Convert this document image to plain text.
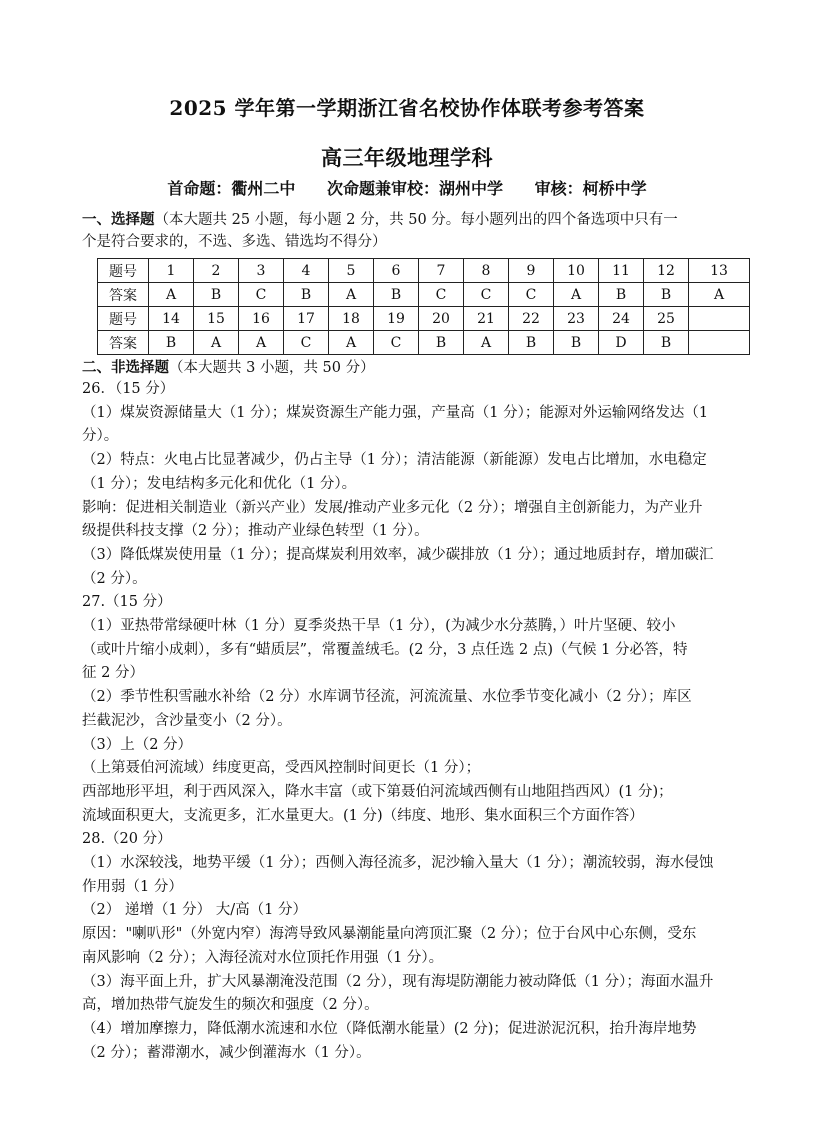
2025 学年第一学期浙江省名校协作体联考参考答案
高三年级地理学科
首命题：衢州二中 次命题兼审校：湖州中学 审核：柯桥中学
一、选择题（本大题共 25 小题，每小题 2 分，共 50 分。每小题列出的四个备选项中只有一
个是符合要求的，不选、多选、错选均不得分）
题号	1	2	3	4	5	6	7	8	9	10	11	12	13
答案	A	B	C	B	A	B	C	C	C	A	B	B	A
题号	14	15	16	17	18	19	20	21	22	23	24	25	
答案	B	A	A	C	A	C	B	A	B	B	D	B	
二、非选择题（本大题共 3 小题，共 50 分）
26．（15 分）
（1）煤炭资源储量大（1 分）；煤炭资源生产能力强，产量高（1 分）；能源对外运输网络发达（1
分）。
（2）特点：火电占比显著减少，仍占主导（1 分）；清洁能源（新能源）发电占比增加，水电稳定
（1 分）；发电结构多元化和优化（1 分）。
影响：促进相关制造业（新兴产业）发展/推动产业多元化（2 分）；增强自主创新能力，为产业升
级提供科技支撑（2 分）；推动产业绿色转型（1 分）。
（3）降低煤炭使用量（1 分）；提高煤炭利用效率，减少碳排放（1 分）；通过地质封存，增加碳汇
（2 分）。
27.（15 分）
（1）亚热带常绿硬叶林（1 分）夏季炎热干旱（1 分），(为减少水分蒸腾，）叶片坚硬、较小
（或叶片缩小成刺），多有“蜡质层”，常覆盖绒毛。(2 分，3 点任选 2 点)（气候 1 分必答，特
征 2 分）
（2）季节性积雪融水补给（2 分）水库调节径流，河流流量、水位季节变化减小（2 分）；库区
拦截泥沙，含沙量变小（2 分）。
（3）上（2 分）
（上第聂伯河流域）纬度更高，受西风控制时间更长（1 分）；
西部地形平坦，利于西风深入，降水丰富（或下第聂伯河流域西侧有山地阻挡西风）(1 分)；
流域面积更大，支流更多，汇水量更大。(1 分)（纬度、地形、集水面积三个方面作答）
28.（20 分）
（1）水深较浅，地势平缓（1 分）；西侧入海径流多，泥沙输入量大（1 分）；潮流较弱，海水侵蚀
作用弱（1 分）
（2） 递增（1 分） 大/高（1 分）
原因："喇叭形"（外宽内窄）海湾导致风暴潮能量向湾顶汇聚（2 分）；位于台风中心东侧，受东
南风影响（2 分）；入海径流对水位顶托作用强（1 分）。
（3）海平面上升，扩大风暴潮淹没范围（2 分），现有海堤防潮能力被动降低（1 分）；海面水温升
高，增加热带气旋发生的频次和强度（2 分）。
（4）增加摩擦力，降低潮水流速和水位（降低潮水能量）(2 分)；促进淤泥沉积，抬升海岸地势
（2 分）；蓄滞潮水，减少倒灌海水（1 分）。
